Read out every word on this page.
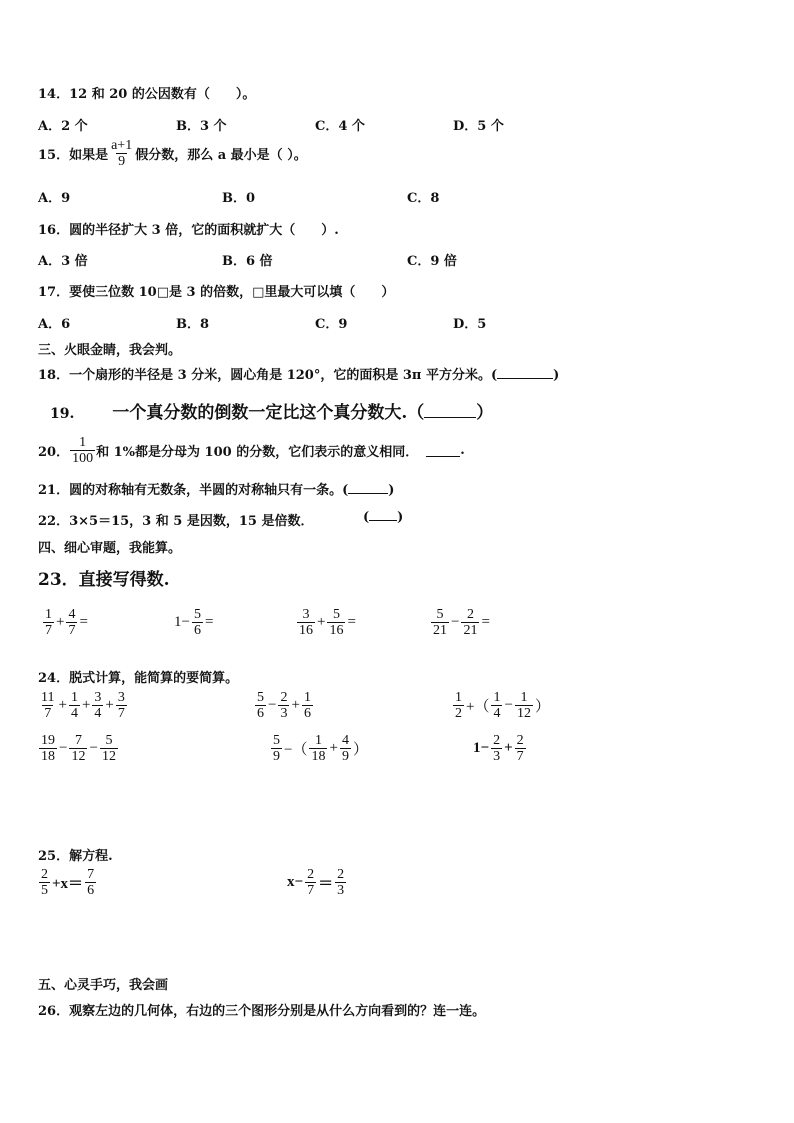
14．12 和 20 的公因数有（　　）。
A．2 个	B．3 个	C．4 个	D．5 个
15．如果是 $\frac{a+1}{9}$ 假分数，那么 a 最小是（ ）。
A．9	B．0	C．8
16．圆的半径扩大 3 倍，它的面积就扩大（　　）.
A．3 倍	B．6 倍	C．9 倍
17．要使三位数 10□是 3 的倍数，□里最大可以填（　　）
A．6	B．8	C．9	D．5
三、火眼金睛，我会判。
18．一个扇形的半径是 3 分米，圆心角是 120°，它的面积是 3π 平方分米。(	)
19. 一个真分数的倒数一定比这个真分数大.（	）
20． $\frac{1}{100}$ 和 1%都是分母为 100 的分数，它们表示的意义相同．	.
21．圆的对称轴有无数条，半圆的对称轴只有一条。(	)
22．3×5＝15，3 和 5 是因数，15 是倍数．	( )
四、细心审题，我能算。
23．直接写得数.
$\frac{1}{7} + \frac{4}{7}$ =	$1- \frac{5}{6}$ =	$\frac{3}{16} + \frac{5}{16}$ =	$\frac{5}{21} - \frac{2}{21}$ =
24．脱式计算，能简算的要简算。
$\frac{11}{7} + \frac{1}{4} + \frac{3}{4} + \frac{3}{7}$	$\frac{5}{6} - \frac{2}{3} + \frac{1}{6}$	$\frac{1}{2}$ +（ $\frac{1}{4} - \frac{1}{12}$ ）
$\frac{19}{18} - \frac{7}{12} - \frac{5}{12}$	$\frac{5}{9}$ −（ $\frac{1}{18} + \frac{4}{9}$ ）	$1- \frac{2}{3} + \frac{2}{7}$
25．解方程.
$\frac{2}{5} +x= \frac{7}{6}$	$x- \frac{2}{7} = \frac{2}{3}$
五、心灵手巧，我会画
26．观察左边的几何体，右边的三个图形分别是从什么方向看到的？连一连。
